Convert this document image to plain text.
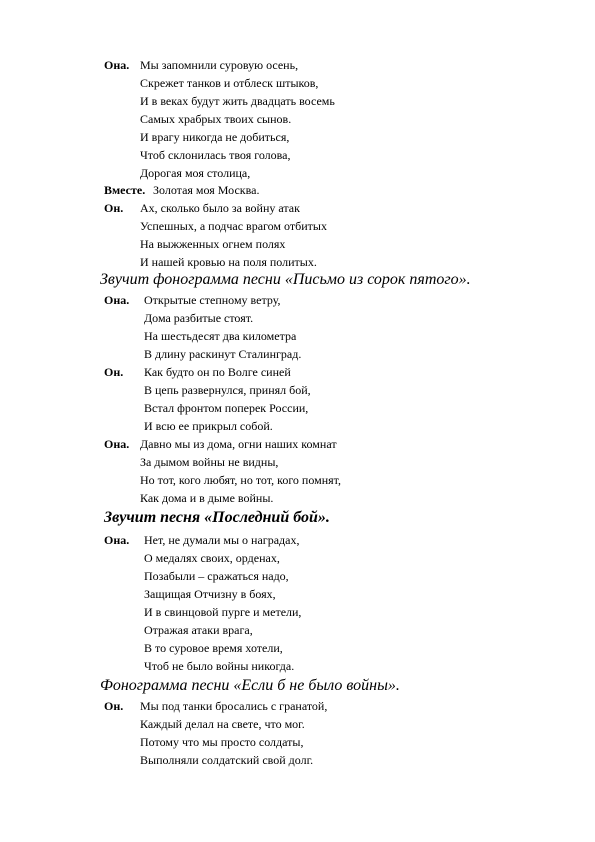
Она. Мы запомнили суровую осень,
Скрежет танков и отблеск штыков,
И в веках будут жить двадцать восемь
Самых храбрых твоих сынов.
И врагу никогда не добиться,
Чтоб склонилась твоя голова,
Дорогая моя столица,
Вместе. Золотая моя Москва.
Он. Ах, сколько было за войну атак
Успешных, а подчас врагом отбитых
На выжженных огнем полях
И нашей кровью на поля политых.
Звучит фонограмма песни «Письмо из сорок пятого».
Она. Открытые степному ветру,
Дома разбитые стоят.
На шестьдесят два километра
В длину раскинут Сталинград.
Он. Как будто он по Волге синей
В цепь развернулся, принял бой,
Встал фронтом поперек России,
И всю ее прикрыл собой.
Она. Давно мы из дома, огни наших комнат
За дымом войны не видны,
Но тот, кого любят, но тот, кого помнят,
Как дома и в дыме войны.
Звучит песня «Последний бой».
Она. Нет, не думали мы о наградах,
О медалях своих, орденах,
Позабыли – сражаться надо,
Защищая Отчизну в боях,
И в свинцовой пурге и метели,
Отражая атаки врага,
В то суровое время хотели,
Чтоб не было войны никогда.
Фонограмма песни «Если б не было войны».
Он. Мы под танки бросались с гранатой,
Каждый делал на свете, что мог.
Потому что мы просто солдаты,
Выполняли солдатский свой долг.
